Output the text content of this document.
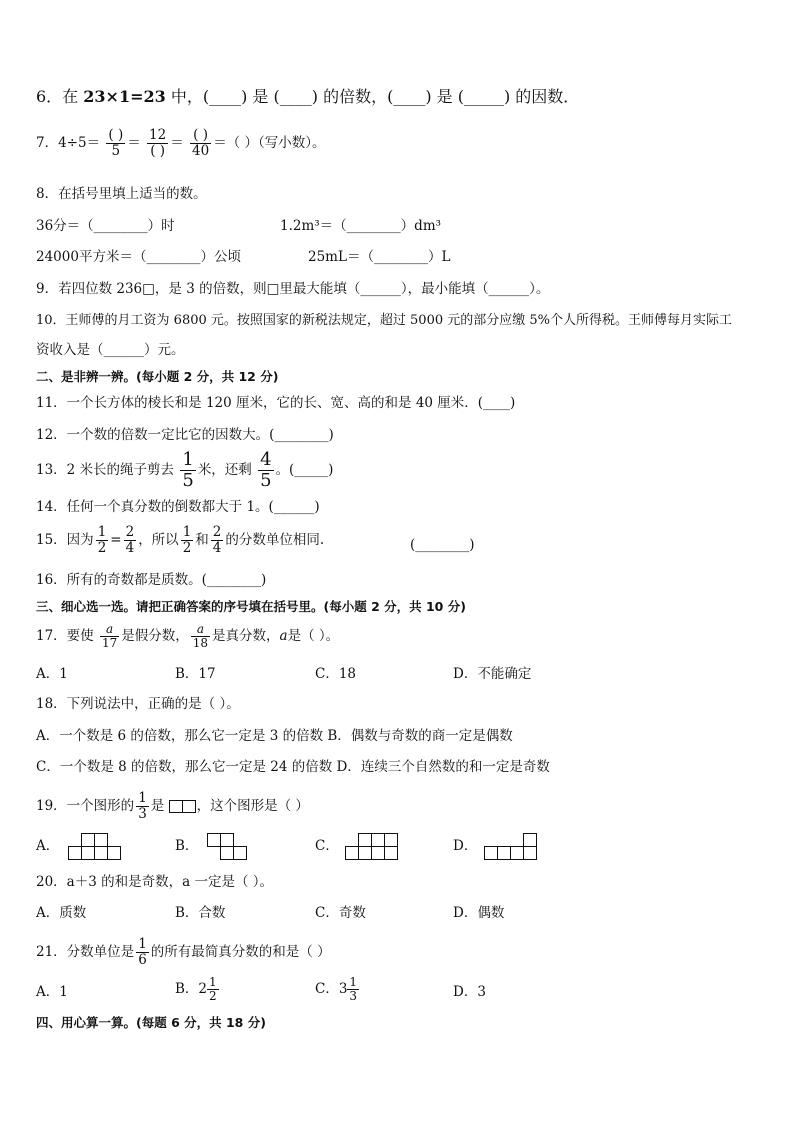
6．在 23×1=23 中，(____) 是 (____) 的倍数，(____) 是 (_____) 的因数．
7．$4\div 5= \frac{( )}{5} = \frac{12}{( )} = \frac{( )}{40}$ ＝（ ）（写小数）。
8．在括号里填上适当的数。
36分＝（________）时	1.2m³＝（________）dm³
24000平方米＝（________）公顷	25mL＝（________）L
9．若四位数 236□，是 3 的倍数，则□里最大能填（______），最小能填（______）。
10．王师傅的月工资为 6800 元。按照国家的新税法规定，超过 5000 元的部分应缴 5%个人所得税。王师傅每月实际工
资收入是（______）元。
二、是非辨一辨。(每小题 2 分，共 12 分)
11．一个长方体的棱长和是 120 厘米，它的长、宽、高的和是 40 厘米．(____)
12．一个数的倍数一定比它的因数大。(________)
13．2 米长的绳子剪去 $\frac{1}{5}$ 米，还剩 $\frac{4}{5}$ 。(_____)
14．任何一个真分数的倒数都大于 1。(______)
15．因为 $\frac{1}{2} = \frac{2}{4}$ ，所以 $\frac{1}{2}$ 和 $\frac{2}{4}$ 的分数单位相同.	(________)
16．所有的奇数都是质数。(________)
三、细心选一选。请把正确答案的序号填在括号里。(每小题 2 分，共 10 分)
17．要使 $\frac{a}{17}$ 是假分数， $\frac{a}{18}$ 是真分数，a是（ ）。
A．1	B．17	C．18	D．不能确定
18．下列说法中，正确的是（ ）。
A．一个数是 6 的倍数，那么它一定是 3 的倍数 B．偶数与奇数的商一定是偶数
C．一个数是 8 的倍数，那么它一定是 24 的倍数 D．连续三个自然数的和一定是奇数
19．一个图形的 $\frac{1}{3}$ 是 ，这个图形是（ ）
A．	B．	C．	D．
20．a＋3 的和是奇数，a 一定是（ ）。
A．质数	B．合数	C．奇数	D．偶数
21．分数单位是 $\frac{1}{6}$ 的所有最简真分数的和是（ ）
A．1	B．$2 \frac{1}{2}$	C．$3 \frac{1}{3}$	D．3
四、用心算一算。(每题 6 分，共 18 分)
